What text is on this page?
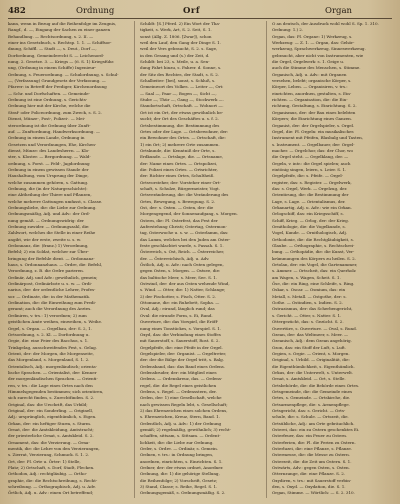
482	Ordnung	Orf	Organ
kann, wenn in Bezug auf die Reihenfolge im Zeugnis,
Rangf., d. —, Eingang der Sachen zu einer ganzen
Behandlung. — Rechtsordnung, s. 2. II. —
einer ins Gesetzbuch, s. Rechtsp. 1. 1. — Schiffsor-
dnung, Schiffl. — Stadt —, s. Deut., Dorf —,
Dorfordnung, Gemeinderecht S. — Leichenord-
nung, 2. Gesetze. 3. — Kriegs — (6. S. 1) Kriegsführ.
ung, (Ordnung in einem Schiffe) Ingenieur-
Ordnung, s. Feuerordnung. — Schulordnung, s. Schul-
—, (Verfassung) Grundgesetz der Verfassung. —
Pfarrer: in Betreff der Prediger, Kirchenordnung
— Schr. und Dorfschaften. — Gemeinde-
Ordnung ist eine Ordnung, s. Gerichts-
Ordnung hier mit der Kirche, welche die
Straf- oder Policeordnung, zum Zweck, s. S. 2.
Dienst, Münze-, Post-, Polizei-. — Mei-
sterordnung ist die Ordnung über Zunft-
auf. — Zunftordnung, Handwerksordnung. —
Ordnung in einem Lande, Ordnung in
Gesetzen und Verordnungen, Ehe, Kirchen-
dienst, Münze: des Landesherrn. — Klo-
ster, s. Kloster. — Bergordnung. — Wald-
ordnung, s. Forst. — Feld-, Jagdordnung
Ordnung in einem gewissen Stande der
Haushaltung, vom Ursprung der Dinge,
welche zusammen gehören, s. Gattung.
Ordnung, die (in der Naturgeschichte):
eine Abtheilung der Thiere und Pflanzen,
welche mehrere Gattungen umfasst, s. Classe.
Ordnungsliebe, die: die Liebe zur Ordnung.
Ordnungsmäßig, Adj. und Adv.: der Ord-
nung gemäß. — Ordnungswidrig: der
Ordnung zuwider. — Ordnungszahl, die:
Zahlwort, welches die Stelle in einer Reihe
angibt, wie der erste, zweite u. s. w.
Ordonnanz, die: (franz.) 1) Verordnung,
Befehl; 2) ein Soldat, welcher zur Über-
bringung der Befehle dient. — Ordonnanz-
haus, s. Ordonnanzhaus. — Ordre, die: Befehl,
Verordnung, z. B. die Ordre parieren.
Ordinär, Adj. und Adv.: gewöhnlich, gemein;
Ordinärpost, Ordinärbote u. s. w. — Ordi-
narius, der: der ordentliche Lehrer, Profes-
sor. — Ordinate, die: in der Mathematik.
Ordination, die: die Einweihung zum Predi-
geramt; auch die Verordnung des Arztes.
Ordiniren, v. trs.: 1) verordnen; 2) zum
geistlichen Amte weihen, einweihen, s. Weihe.
Orgel, s. Organ. — Orgelbau, der: S. 2, 1.
Ortsordnung, s. 2. Kl. — Dorfordnung u.
Orgie, die: eine Feier des Bacchus, s. 1.
Trinkgelag, ausschweifendes Fest, s. Gelag.
Orient, der: der Morgen, die Morgenseite,
das Morgenland, s. Morgenland, S. 1. 2.
Orientalisch, Adj.: morgenländisch; orienta-
lische Sprachen. — Orientalist, der: Kenner
der morgenländischen Sprachen. — Orienti-
ren, v. trs.: die Lage eines Ortes nach den
Himmelsgegenden bestimmen; sich orientiren,
sich zurecht finden, s. Zurechtfinden. S. 2.
Original, das: die Urschrift, das Urbild;
Original, der: ein Sonderling. — Originell,
Adj.: ursprünglich, eigenthümlich, s. Eigen.
Orkan, der: ein heftiger Sturm, s. Sturm.
Ornat, der: die Amtskleidung, Amtstracht;
der priesterliche Ornat, s. Amtskleid. S. 2.
Ornament, das: die Verzierung. — Orna-
mentik, die: die Lehre von den Verzierungen,
s. Zierrat, Verzierung, Schmuck. S. 1. 2.
Ort, der: Pl. Orte u. Örter: 1) Stelle,
Platz; 2) Ortschaft, s. Dorf, Stadt, Flecken.
Orthodox, Adj.: rechtgläubig. — Ortho-
graphie, die: die Rechtschreibung, s. Recht-
schreibung. — Orthographisch, Adj. u. Adv.
Örtlich, Adj. u. Adv.: einen Ort betreffend;
Schildt: [S.] Pferd. 2) Ein Wort der Tha-
tigkeit, s. Werk, Art, S. 2. Seit, S. 1.
sonst (Allg. Z. 1806. [Zwar]), schon
weil den Lauf, den Gang der Dinge S. 1.
weil der Vers gebraucht, S. 2. s. Sage,
in den Gesang und (s.) der Zeit, d.
Schildt: bei 23, s. Meile, u. a. Sen-
dung Fahrt hinzu, s. Fahrer. d. Sonne, s.
der Sitz des Rechtes, der Stadt, s. S. 2.
Schalbeiter: [bei], sonst, s. Schluß, s.
Gemeinwort des Volkes. — Leiter —, Ort:
— Saal —, Paar —, Bogen —, Sicht —,
Stube —, Thür —, Gang —, Stockwerk —.
Standortschaft, Ortschaft. — Wohnort —.
Ort ist ein Ort, der etwas gewöhnlich be-
sucht; der Ort des Geschäftes u. s. f. 2.
Ortsbestimmung, die: Bestimmung des
Ortes oder der Lage. — Ortsbewohner, der:
ein Bewohner des Ortes. — Ortschaft, die:
1) ein Ort; 2) mehrere Orte zusammen.
Ortskunde, die: Kenntniß der Orte, s.
Erdkunde. — Ortslage, die. — Ortsname,
der: Name eines Ortes. — Ortspolizei,
die: Polizei eines Ortes. — Ortsrichter,
der: Richter eines Ortes, Schultheiß.
Ortsvorsteher, der: Vorsteher einer Ort-
schaft, s. Schulze, Bürgermeister, Vogt.
Ortsveränderung, die: die Veränderung des
Ortes, Bewegung, s. Bewegung. S. 2.
Ost, der: s. Osten. — Osten, der: die
Morgengegend, der Sonnenaufgang, s. Morgen.
Ostern, die: Pl. Osterfest, das Fest der
Auferstehung Christi; Ostertag, Ostermon-
tag, Osterwoche u. s. w. — Osterlamm, das:
das Lamm, welches bei den Juden am Oster-
feste geschlachtet wurde, s. Passah. S. 1.
Österreich, s. Ost, Reich. — Österreicher,
der. — Österreichisch, Adj. u. Adv.
Östlich, Adj. u. Adv.: nach Osten gelegen,
gegen Osten, s. Morgen. — Ostsee, die:
das baltische Meer, s. Meer, See. S. 1.
Ostwind, der: der aus Osten wehende Wind,
s. Wind. — Otter, die: 1) Natter, Schlange;
2) der Fischotter, s. Fisch, Otter. S. 2.
Ottomane, die: ein Ruhebett, Sopha. —
Oval, Adj.: eirund, länglich rund; das
Oval: die eirunde Form, s. Ei, Rund.
Ouverture, die: das Vorspiel, die Eröff-
nung eines Tonstückes, s. Vorspiel. S. 1.
Oxyd, das: die Verbindung eines Stoffes
mit Sauerstoff, s. Sauerstoff, Rost. S. 2.
Orgelpfeife, die: eine Pfeife in der Orgel.
Orgelspieler, der: Organist. — Orgeltreter,
der: der die Bälge der Orgel tritt, s. Balg.
Ordensband, das: das Band eines Ordens.
Ordensbruder, der: ein Mitglied eines
Ordens. — Ordenskreuz, das. — Ordens-
regel, die: die Regel eines geistlichen
Ordens, s. Regel. — Ordensstern, der.
Orden, der: 1) eine Gesellschaft, welche
nach gewissen Regeln lebt, s. Gesellschaft;
2) das Ehrenzeichen eines solchen Ordens,
s. Ehrenzeichen, Kreuz, Stern, Band. 1.
Ordentlich, Adj. u. Adv.: 1) der Ordnung
gemäß; 2) regelmäßig, gewöhnlich; 3) recht-
schaffen, sittsam, s. Sittsam. — Ordent-
lichkeit, die: die Liebe zur Ordnung.
Order, s. Ordre. — Ordinär, s. Gemein.
Ordnen, v. trs.: in Ordnung bringen,
anordnen, einrichten, s. Einrichten. S. 1.
Ordner, der: der etwas ordnet, Anordner.
Ordnung, die: 1) die gehörige Stellung,
die Reihenfolge; 2) Vorschrift, Gesetz;
3) Stand, Classe; s. Reihe, Regel. S. 1.
Ordnungsgemäß, s. Ordnungsmäßig. S. 2.
O an deutsch, der Ausdruck wohl wohl S. Sp. 1. 310.
Ordnung: 1.) 2.
Organ, das: Pl. Organe: 1) Werkzeug, s.
Werkzeug: — Z. 1. — Organ, das: Gehör-
werkzeug, Sprachwerkzeug, Sinneswerkzeug.
gebraucht, aber nicht von Instrumenten, wie
die Orgel, Orgelwerk: s. 1. Geige u.
auch die Stimme des Menschen, s. Stimme.
Organisch, Adj. u. Adv.: mit Organen
versehen, belebt; organische Körper, s.
Körper, Leben. — Organisiren, v. trs.:
einrichten, anordnen, gestalten, s. Ein-
richten. — Organisation, die: die Ein-
richtung, Gestaltung, s. Einrichtung. S. 2.
Organismus, der: der Bau eines belebten
Körpers; die Einrichtung eines Ganzen.
Organist, der: der Orgelspieler, s. Orgel.
Orgel, die: Pl. Orgeln: ein musikalisches
Instrument mit Pfeifen, Blasbalg und Tasten,
s. Instrument. — Orgelbauer, der: Orgel-
macher. — Orgelchor, das: der Chor, wo
die Orgel steht. — Orgelklang, der. —
Orgeln, v. intr.: die Orgel spielen; auch
eintönig singen, leiern, s. Leier. S. 1.
Orgelpfeife, die: s. Pfeife. — Orgel-
register, das: s. Register. — Orgelwerk,
das: s. Orgel, Werk. — Orgelzug, der.
Orientirung, die: die Bestimmung der
Lage, s. Lage. — Orientalismus, der.
Orkanartig, Adj. u. Adv.: wie ein Orkan.
Orlogschiff, das: ein Kriegsschiff, s.
Schiff, Krieg. — Orlog, der: der Krieg.
Ornithologie, die: die Vogelkunde, s.
Vogel, Kunde. — Ornithologisch, Adj.
Orthodoxie, die: die Rechtgläubigkeit, s.
Glaube. — Orthographie, s. Rechtschrei-
bung. — Orthopädie, die: die Kunst, Ver-
krümmungen des Körpers zu heilen. S. 2.
Ortolan, der: ein Vogel, die Gartenammer,
s. Ammer. — Ortscheit, das: ein Querholz
am Wagen, s. Wagen, Scheit. S. 1.
Öse, die: ein Ring, eine Schleife, s. Ring.
Oskar, s. Oscar. — Osmium, das: ein
Metall, s. Metall. — Ostgothe, der: s.
Gothe. — Ostindien, s. Indien. S. 2.
Ostrazismus, der: das Scherbengericht,
s. Gericht. — Otter, s. Natter. S. 1.
Ottergezücht, das: s. Gezücht. S. 2.
Ouvertüre, s. Ouverture. — Oval, s. Rund.
Ozean, der: das Weltmeer, s. Meer. —
Ozeanisch, Adj.: dem Ozean angehörig.
Ozon, das: ein Stoff der Luft, s. Luft.
Orgien, s. Orgie. — Orient, s. Morgen.
Original, s. Urbild. — Originalität, die:
die Eigenthümlichkeit, s. Eigenthümlich.
Orkus, der: die Unterwelt, s. Unterwelt.
Ornat, s. Amtskleid. — Ort, s. Stelle.
Ortsbehörde, die: die Behörde eines Ortes.
Ortsgemeinde, die: die Gemeinde eines
Ortes, s. Gemeinde. — Ortskirche, die.
Ortsarmenpflege, die: s. Armenpflege.
Ortsgericht, das: s. Gericht. — Orts-
schule, die: s. Schule. — Ortszeit, die.
Ortsübliche, Adj.: am Orte gebräuchlich.
Osterei, das: ein zu Ostern geschenktes Ei.
Osterfeuer, das: ein Feuer zu Ostern.
Osterferien, die: Pl. die Ferien zu Ostern.
Osterluzei, die: eine Pflanze, s. Pflanze.
Ostermesse, die: die Messe zu Ostern.
Osterzeit, die: die Zeit um Ostern. S. 1.
Ostwärts, Adv.: gegen Osten, s. Osten.
Otternzunge, die: eine Pflanze. S. 2.
Oxydiren, v. trs.: mit Sauerstoff verbin-
den, s. Oxyd. — Oxydation, die. S. 1.
Organ, Stimme. — Wörtlich: — S. 2. 310.
